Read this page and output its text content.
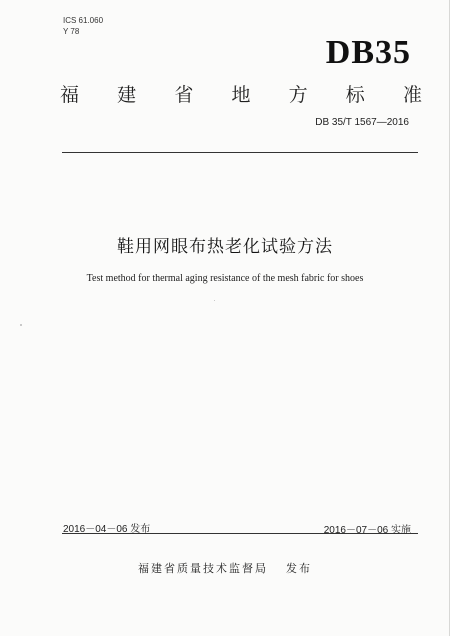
ICS 61.060
Y 78
DB35
福 建 省 地 方 标 准
DB 35/T 1567—2016
鞋用网眼布热老化试验方法
Test method for thermal aging resistance of the mesh fabric for shoes
2016－04－06 发布	2016－07－06 实施
福建省质量技术监督局 发布
